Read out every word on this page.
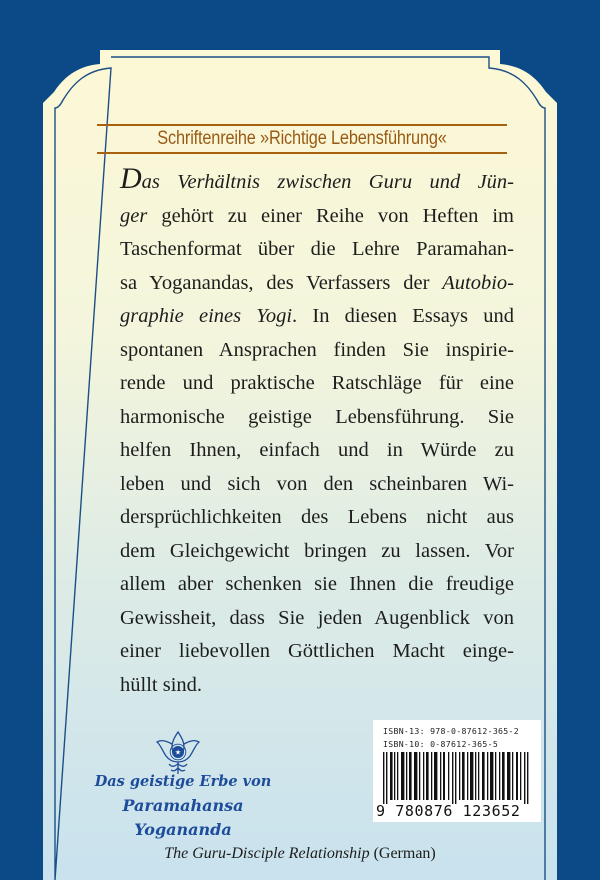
Schriftenreihe »Richtige Lebensführung«
Das Verhältnis zwischen Guru und Jün-
ger gehört zu einer Reihe von Heften im
Taschenformat über die Lehre Paramahan-
sa Yoganandas, des Verfassers der Autobio-
graphie eines Yogi. In diesen Essays und
spontanen Ansprachen finden Sie inspirie-
rende und praktische Ratschläge für eine
harmonische geistige Lebensführung. Sie
helfen Ihnen, einfach und in Würde zu
leben und sich von den scheinbaren Wi-
dersprüchlichkeiten des Lebens nicht aus
dem Gleichgewicht bringen zu lassen. Vor
allem aber schenken sie Ihnen die freudige
Gewissheit, dass Sie jeden Augenblick von
einer liebevollen Göttlichen Macht einge-
hüllt sind.
★
Das geistige Erbe von
Paramahansa Yogananda
ISBN-13: 978-0-87612-365-2
ISBN-10: 0-87612-365-5
9 780876 123652
The Guru-Disciple Relationship (German)
